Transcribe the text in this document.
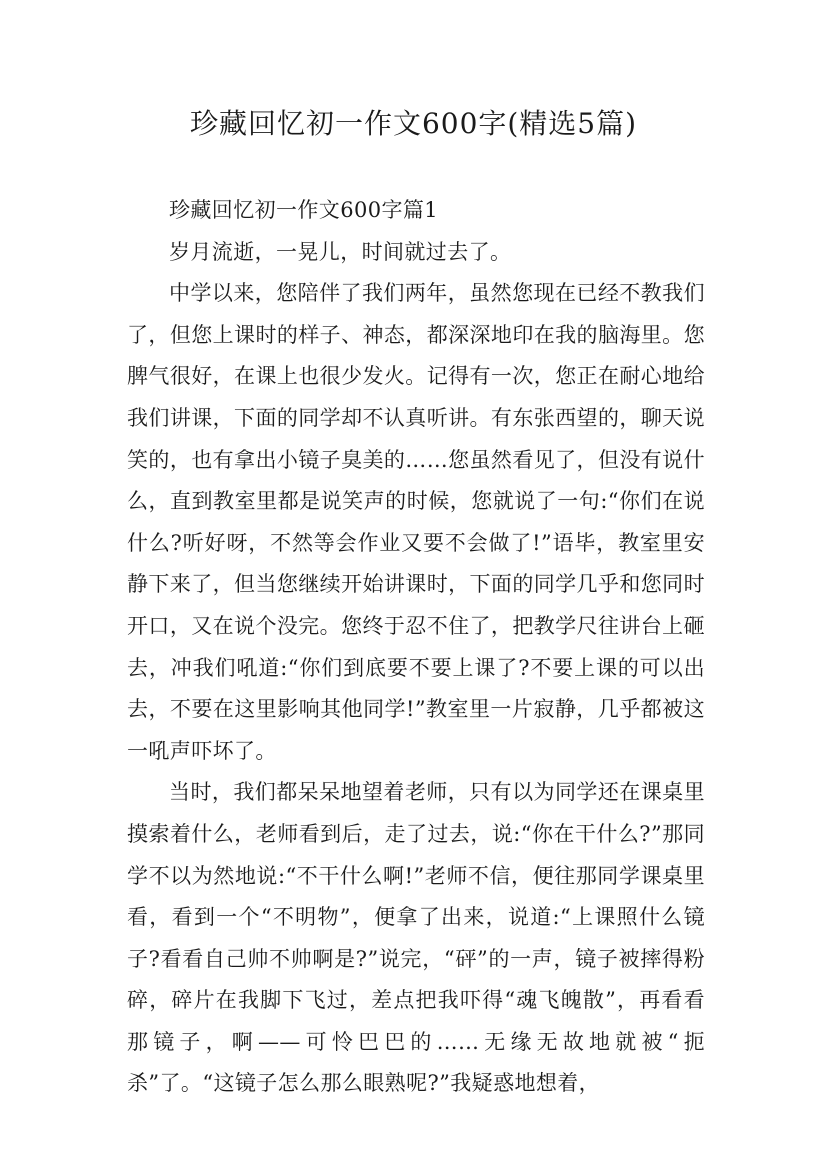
珍藏回忆初一作文600字(精选5篇)
珍藏回忆初一作文600字篇1

岁月流逝，一晃儿，时间就过去了。

中学以来，您陪伴了我们两年，虽然您现在已经不教我们了，但您上课时的样子、神态，都深深地印在我的脑海里。您脾气很好，在课上也很少发火。记得有一次，您正在耐心地给我们讲课，下面的同学却不认真听讲。有东张西望的，聊天说笑的，也有拿出小镜子臭美的……您虽然看见了，但没有说什么，直到教室里都是说笑声的时候，您就说了一句:“你们在说什么?听好呀，不然等会作业又要不会做了!”语毕，教室里安静下来了，但当您继续开始讲课时，下面的同学几乎和您同时开口，又在说个没完。您终于忍不住了，把教学尺往讲台上砸去，冲我们吼道:“你们到底要不要上课了?不要上课的可以出去，不要在这里影响其他同学!”教室里一片寂静，几乎都被这一吼声吓坏了。

当时，我们都呆呆地望着老师，只有以为同学还在课桌里摸索着什么，老师看到后，走了过去，说:“你在干什么?”那同学不以为然地说:“不干什么啊!”老师不信，便往那同学课桌里看，看到一个“不明物”，便拿了出来，说道:“上课照什么镜子?看看自己帅不帅啊是?”说完，“砰”的一声，镜子被摔得粉碎，碎片在我脚下飞过，差点把我吓得“魂飞魄散”，再看看那镜子，啊——可怜巴巴的……无缘无故地就被“扼杀”了。“这镜子怎么那么眼熟呢?”我疑惑地想着，
